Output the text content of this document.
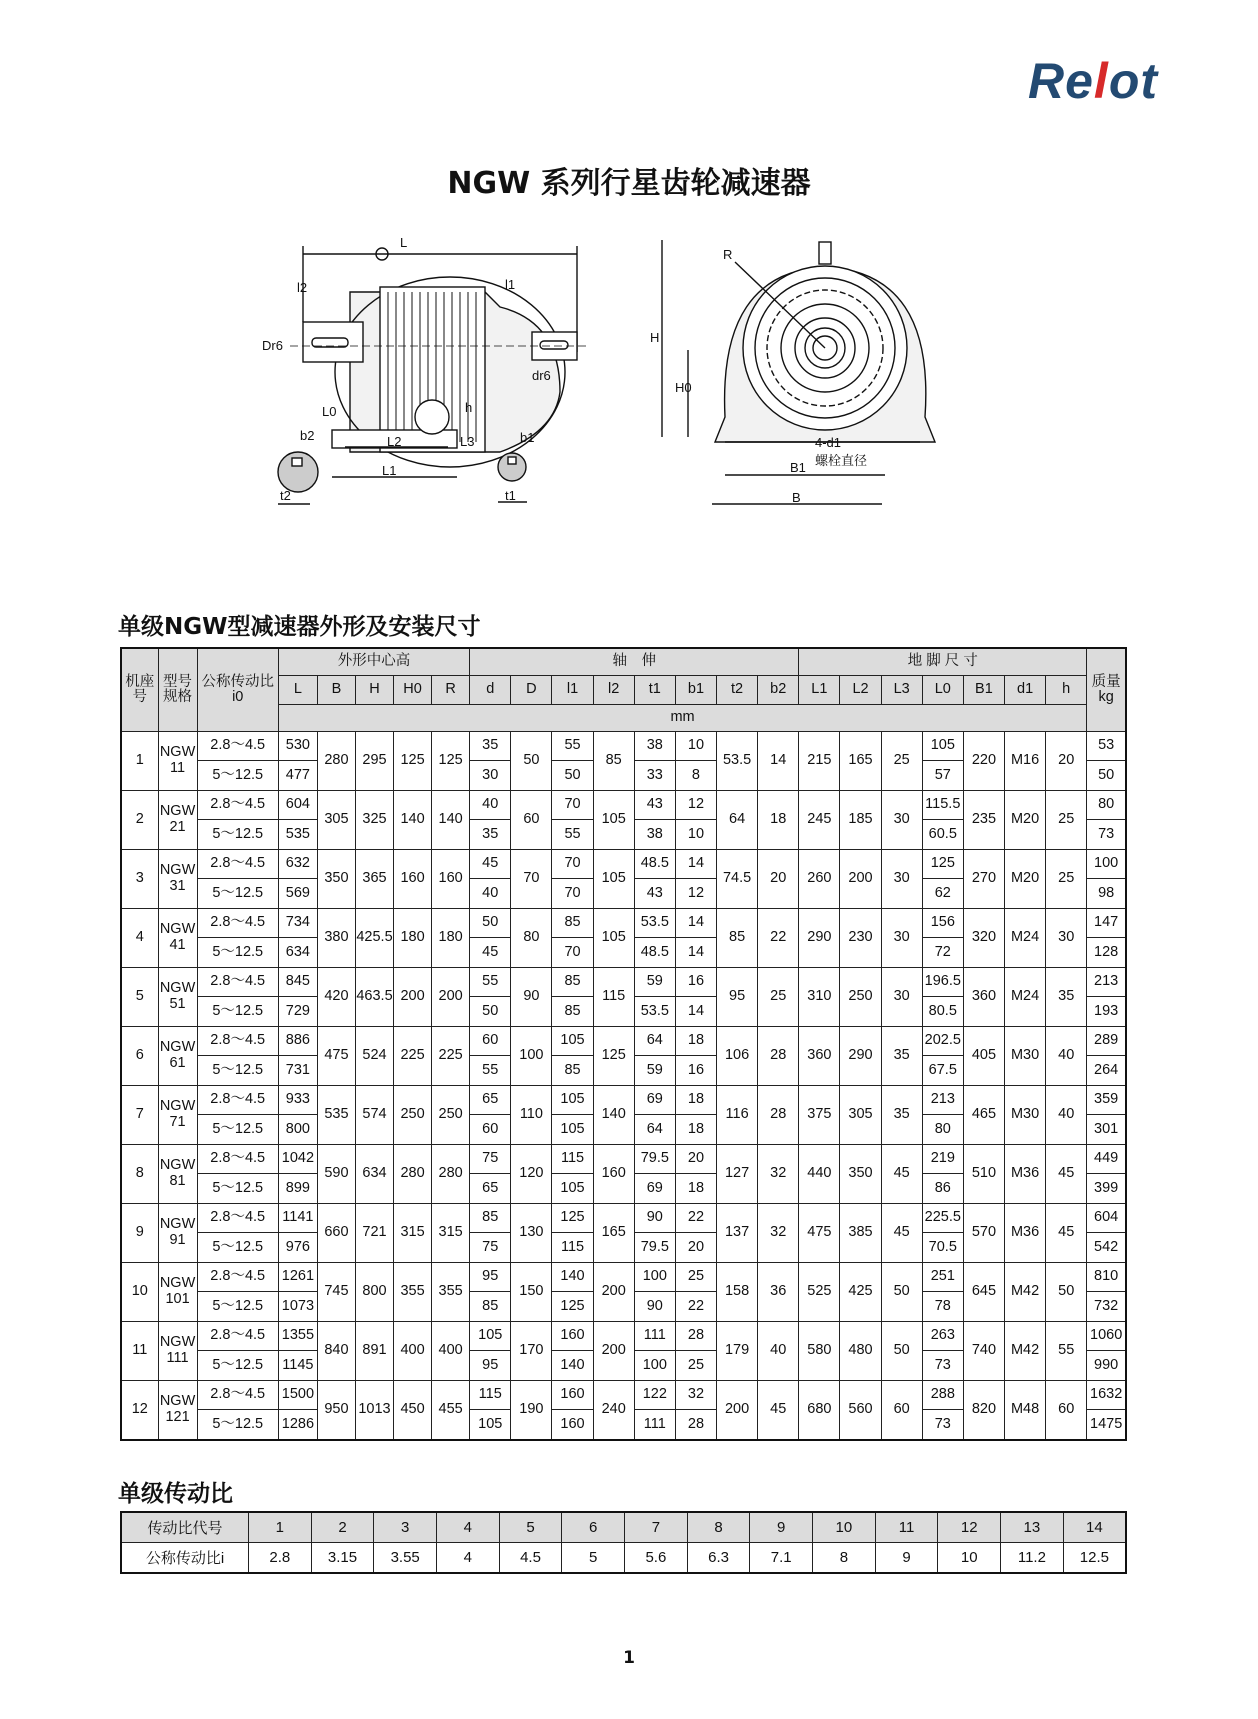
Relot
NGW 系列行星齿轮减速器
L
l2	l1
Dr6
dr6
L0	h
L2	L3
L1
b2
t2
b1
t1
R
H
H0
4-d1
螺栓直径
B1
B
单级NGW型减速器外形及安装尺寸
机座号	型号规格	公称传动比i0	外形中心高					轴　伸								地 脚 尺 寸							质量
kg
			L	B	H	H0	R	d	D	l1	l2	t1	b1	t2	b2	L1	L2	L3	L0	B1	d1	h	
			mm																				
1	NGW 11	2.8～4.5	530	280	295	125	125	35	50	55	85	38	10	53.5	14	215	165	25	105	220	M16	20	53
		5～12.5	477					30		50		33	8						57				50
2	NGW 21	2.8～4.5	604	305	325	140	140	40	60	70	105	43	12	64	18	245	185	30	115.5	235	M20	25	80
		5～12.5	535					35		55		38	10						60.5				73
3	NGW 31	2.8～4.5	632	350	365	160	160	45	70	70	105	48.5	14	74.5	20	260	200	30	125	270	M20	25	100
		5～12.5	569					40		70		43	12						62				98
4	NGW 41	2.8～4.5	734	380	425.5	180	180	50	80	85	105	53.5	14	85	22	290	230	30	156	320	M24	30	147
		5～12.5	634					45		70		48.5	14						72				128
5	NGW 51	2.8～4.5	845	420	463.5	200	200	55	90	85	115	59	16	95	25	310	250	30	196.5	360	M24	35	213
		5～12.5	729					50		85		53.5	14						80.5				193
6	NGW 61	2.8～4.5	886	475	524	225	225	60	100	105	125	64	18	106	28	360	290	35	202.5	405	M30	40	289
		5～12.5	731					55		85		59	16						67.5				264
7	NGW 71	2.8～4.5	933	535	574	250	250	65	110	105	140	69	18	116	28	375	305	35	213	465	M30	40	359
		5～12.5	800					60		105		64	18						80				301
8	NGW 81	2.8～4.5	1042	590	634	280	280	75	120	115	160	79.5	20	127	32	440	350	45	219	510	M36	45	449
		5～12.5	899					65		105		69	18						86				399
9	NGW 91	2.8～4.5	1141	660	721	315	315	85	130	125	165	90	22	137	32	475	385	45	225.5	570	M36	45	604
		5～12.5	976					75		115		79.5	20						70.5				542
10	NGW 101	2.8～4.5	1261	745	800	355	355	95	150	140	200	100	25	158	36	525	425	50	251	645	M42	50	810
		5～12.5	1073					85		125		90	22						78				732
11	NGW 111	2.8～4.5	1355	840	891	400	400	105	170	160	200	111	28	179	40	580	480	50	263	740	M42	55	1060
		5～12.5	1145					95		140		100	25						73				990
12	NGW 121	2.8～4.5	1500	950	1013	450	455	115	190	160	240	122	32	200	45	680	560	60	288	820	M48	60	1632
		5～12.5	1286					105		160		111	28						73				1475
单级传动比
传动比代号	1	2	3	4	5	6	7	8	9	10	11	12	13	14
公称传动比i	2.8	3.15	3.55	4	4.5	5	5.6	6.3	7.1	8	9	10	11.2	12.5
1
